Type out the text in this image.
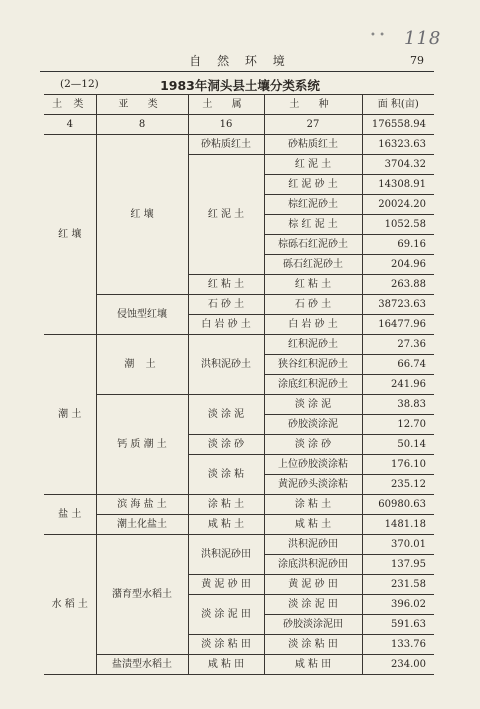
• • 118
自 然 环 境	79
(2—12)	1983年洞头县土壤分类系统
土 类	亚 类	土 属	土 种	面 积(亩)
4	8	16	27	176558.94
红 壤	红 壤	砂粘质红土	砂粘质红土	16323.63
		红 泥 土	红 泥 土	3704.32
			红 泥 砂 土	14308.91
			棕红泥砂土	20024.20
			棕 红 泥 土	1052.58
			棕砾石红泥砂土	69.16
			砾石红泥砂土	204.96
		红 粘 土	红 粘 土	263.88
	侵蚀型红壤	石 砂 土	石 砂 土	38723.63
		白 岩 砂 土	白 岩 砂 土	16477.96
潮 土	潮 土	洪积泥砂土	红积泥砂土	27.36
			狭谷红积泥砂土	66.74
			涂底红积泥砂土	241.96
	钙 质 潮 土	淡 涂 泥	淡 涂 泥	38.83
			砂胶淡涂泥	12.70
		淡 涂 砂	淡 涂 砂	50.14
		淡 涂 粘	上位砂胶淡涂粘	176.10
			黄泥砂头淡涂粘	235.12
盐 土	滨 海 盐 土	涂 粘 土	涂 粘 土	60980.63
	潮土化盐土	咸 粘 土	咸 粘 土	1481.18
水 稻 土	潴育型水稻土	洪积泥砂田	洪积泥砂田	370.01
			涂底洪积泥砂田	137.95
		黄 泥 砂 田	黄 泥 砂 田	231.58
		淡 涂 泥 田	淡 涂 泥 田	396.02
			砂胶淡涂泥田	591.63
		淡 涂 粘 田	淡 涂 粘 田	133.76
	盐渍型水稻土	咸 粘 田	咸 粘 田	234.00
